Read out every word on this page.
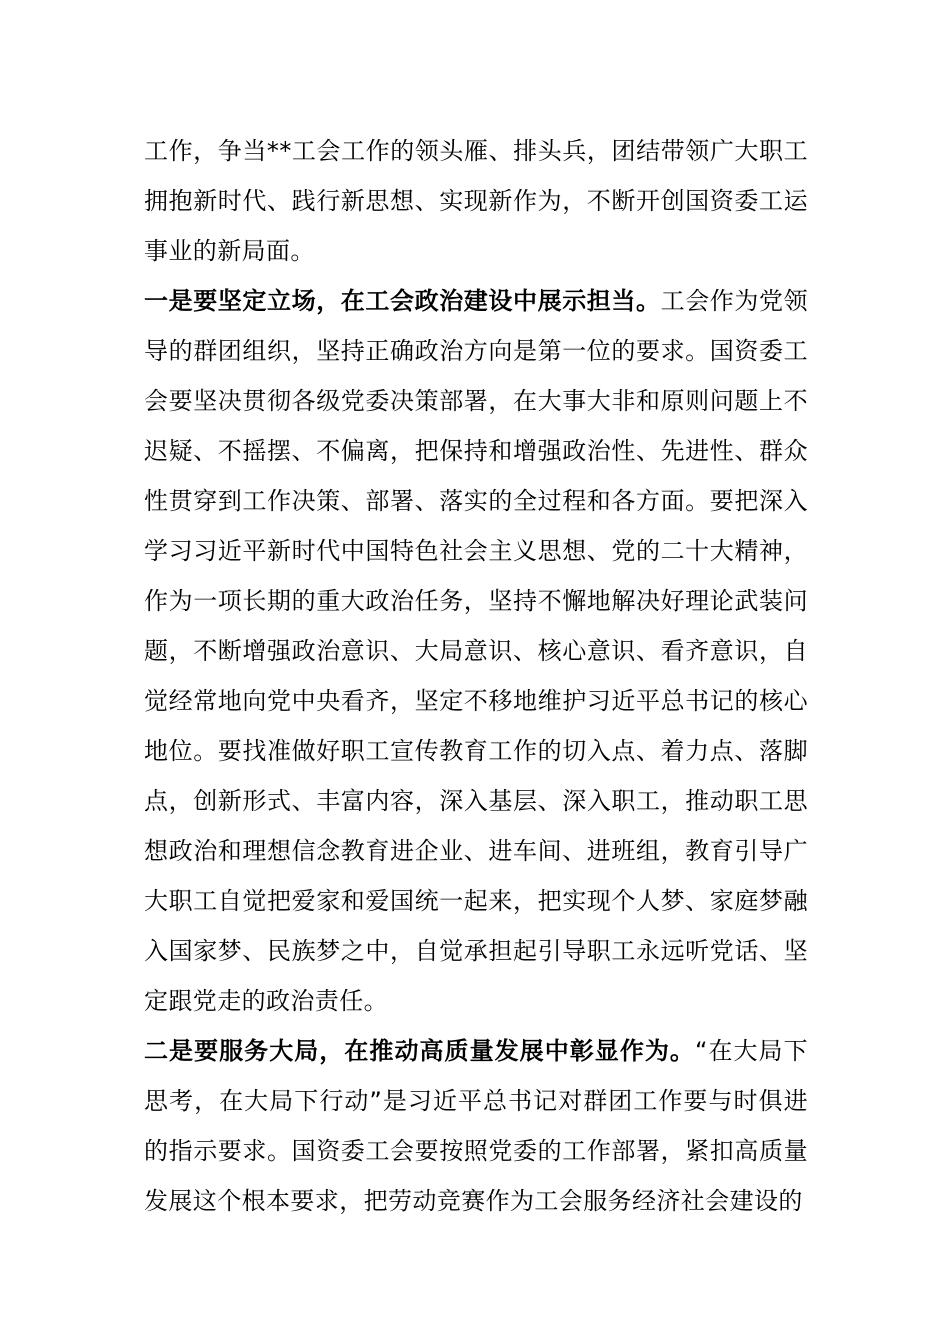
工作，争当**工会工作的领头雁、排头兵，团结带领广大职工拥抱新时代、践行新思想、实现新作为，不断开创国资委工运事业的新局面。

一是要坚定立场，在工会政治建设中展示担当。工会作为党领导的群团组织，坚持正确政治方向是第一位的要求。国资委工会要坚决贯彻各级党委决策部署，在大事大非和原则问题上不迟疑、不摇摆、不偏离，把保持和增强政治性、先进性、群众性贯穿到工作决策、部署、落实的全过程和各方面。要把深入学习习近平新时代中国特色社会主义思想、党的二十大精神，作为一项长期的重大政治任务，坚持不懈地解决好理论武装问题，不断增强政治意识、大局意识、核心意识、看齐意识，自觉经常地向党中央看齐，坚定不移地维护习近平总书记的核心地位。要找准做好职工宣传教育工作的切入点、着力点、落脚点，创新形式、丰富内容，深入基层、深入职工，推动职工思想政治和理想信念教育进企业、进车间、进班组，教育引导广大职工自觉把爱家和爱国统一起来，把实现个人梦、家庭梦融入国家梦、民族梦之中，自觉承担起引导职工永远听党话、坚定跟党走的政治责任。

二是要服务大局，在推动高质量发展中彰显作为。“在大局下思考，在大局下行动”是习近平总书记对群团工作要与时俱进的指示要求。国资委工会要按照党委的工作部署，紧扣高质量发展这个根本要求，把劳动竞赛作为工会服务经济社会建设的
